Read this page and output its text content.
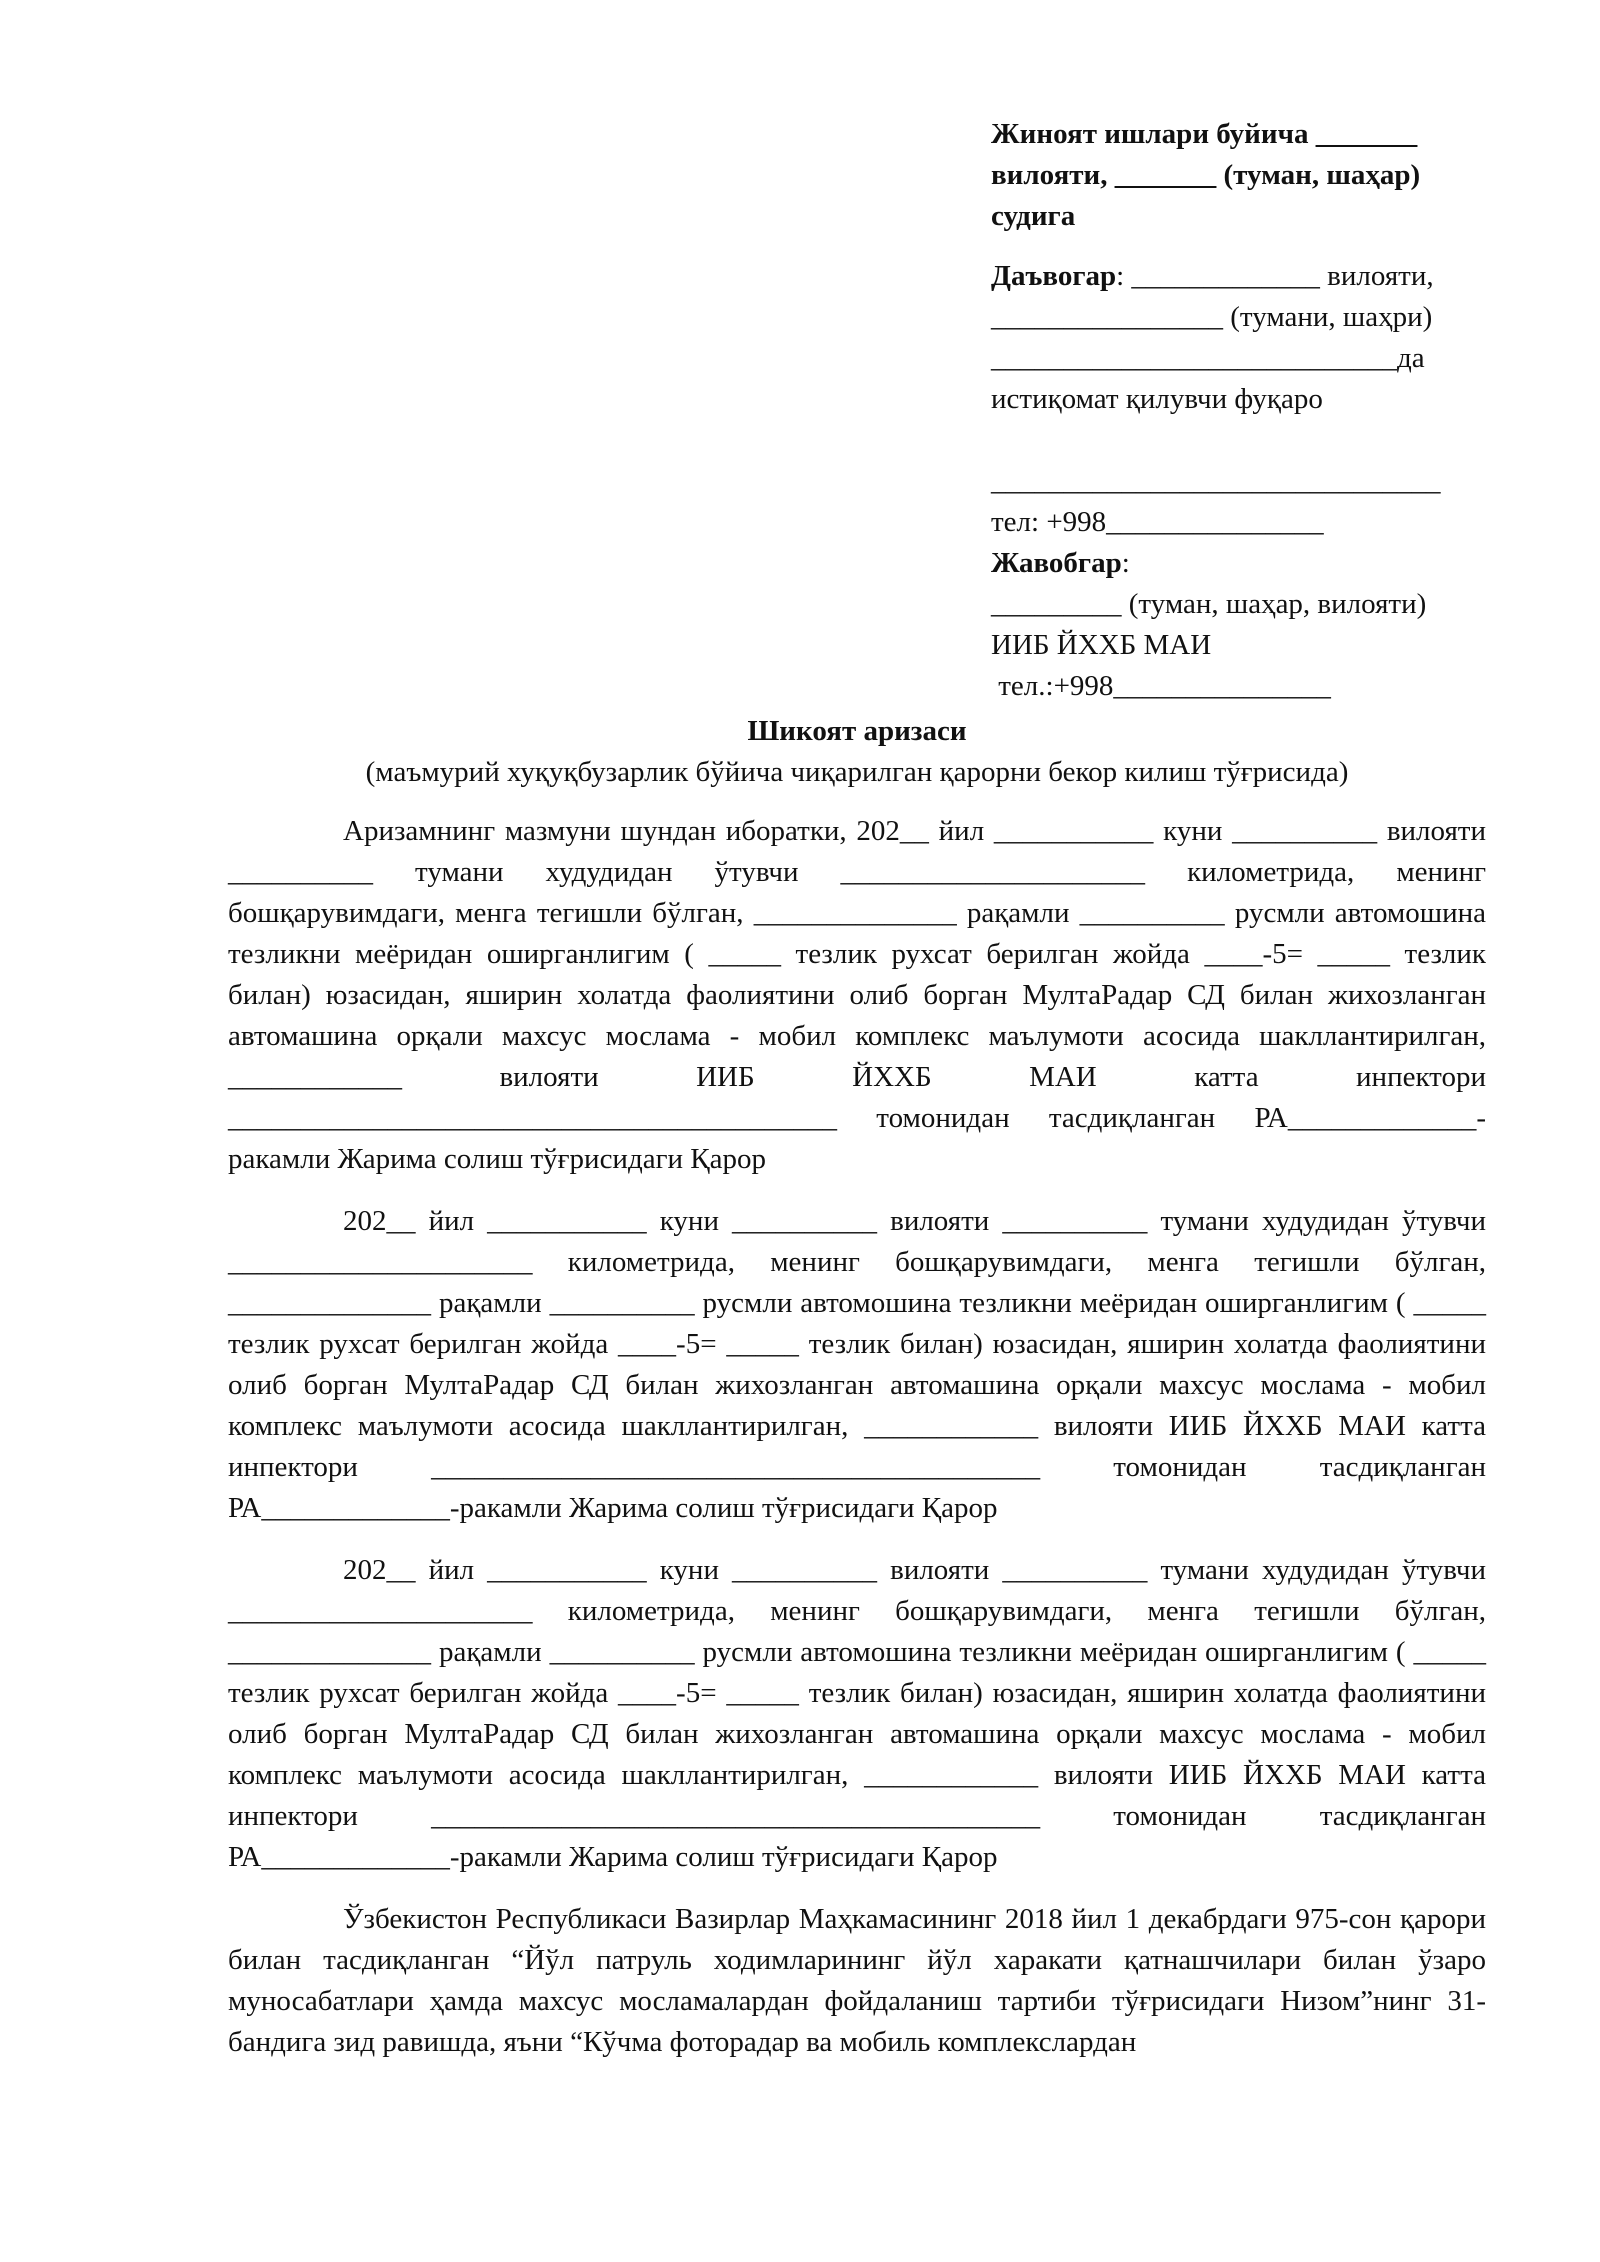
Жиноят ишлари буйича _______
вилояти, _______ (туман, шаҳар)
судига
Даъвогар: _____________ вилояти,
________________ (тумани, шаҳри)
____________________________да
истиқомат қилувчи фуқаро
_______________________________
тел: +998_______________
Жавобгар:
_________ (туман, шаҳар, вилояти)
ИИБ ЙХХБ МАИ
тел.:+998_______________
Шикоят аризаси
(маъмурий хуқуқбузарлик бўйича чиқарилган қарорни бекор килиш тўғрисида)

Аризамнинг мазмуни шундан иборатки, 202__ йил ___________ куни __________ вилояти __________ тумани худудидан ўтувчи _____________________ километрида, менинг бошқарувимдаги, менга тегишли бўлган, ______________ рақамли __________ русмли автомошина тезликни меёридан оширганлигим ( _____ тезлик рухсат берилган жойда ____-5= _____ тезлик билан) юзасидан, яширин холатда фаолиятини олиб борган МултаРадар СД билан жихозланган автомашина орқали махсус мослама - мобил комплекс маълумоти асосида шакллантирилган, ____________ вилояти ИИБ ЙХХБ МАИ катта инпектори __________________________________________ томонидан тасдиқланган РА_____________-ракамли Жарима солиш тўғрисидаги Қарор

202__ йил ___________ куни __________ вилояти __________ тумани худудидан ўтувчи _____________________ километрида, менинг бошқарувимдаги, менга тегишли бўлган, ______________ рақамли __________ русмли автомошина тезликни меёридан оширганлигим ( _____ тезлик рухсат берилган жойда ____-5= _____ тезлик билан) юзасидан, яширин холатда фаолиятини олиб борган МултаРадар СД билан жихозланган автомашина орқали махсус мослама - мобил комплекс маълумоти асосида шакллантирилган, ____________ вилояти ИИБ ЙХХБ МАИ катта инпектори __________________________________________ томонидан тасдиқланган РА_____________-ракамли Жарима солиш тўғрисидаги Қарор

202__ йил ___________ куни __________ вилояти __________ тумани худудидан ўтувчи _____________________ километрида, менинг бошқарувимдаги, менга тегишли бўлган, ______________ рақамли __________ русмли автомошина тезликни меёридан оширганлигим ( _____ тезлик рухсат берилган жойда ____-5= _____ тезлик билан) юзасидан, яширин холатда фаолиятини олиб борган МултаРадар СД билан жихозланган автомашина орқали махсус мослама - мобил комплекс маълумоти асосида шакллантирилган, ____________ вилояти ИИБ ЙХХБ МАИ катта инпектори __________________________________________ томонидан тасдиқланган РА_____________-ракамли Жарима солиш тўғрисидаги Қарор

Ўзбекистон Республикаси Вазирлар Маҳкамасининг 2018 йил 1 декабрдаги 975-сон қарори билан тасдиқланган “Йўл патруль ходимларининг йўл харакати қатнашчилари билан ўзаро муносабатлари ҳамда махсус мосламалардан фойдаланиш тартиби тўғрисидаги Низом”нинг 31-бандига зид равишда, яъни “Кўчма фоторадар ва мобиль комплекслардан
